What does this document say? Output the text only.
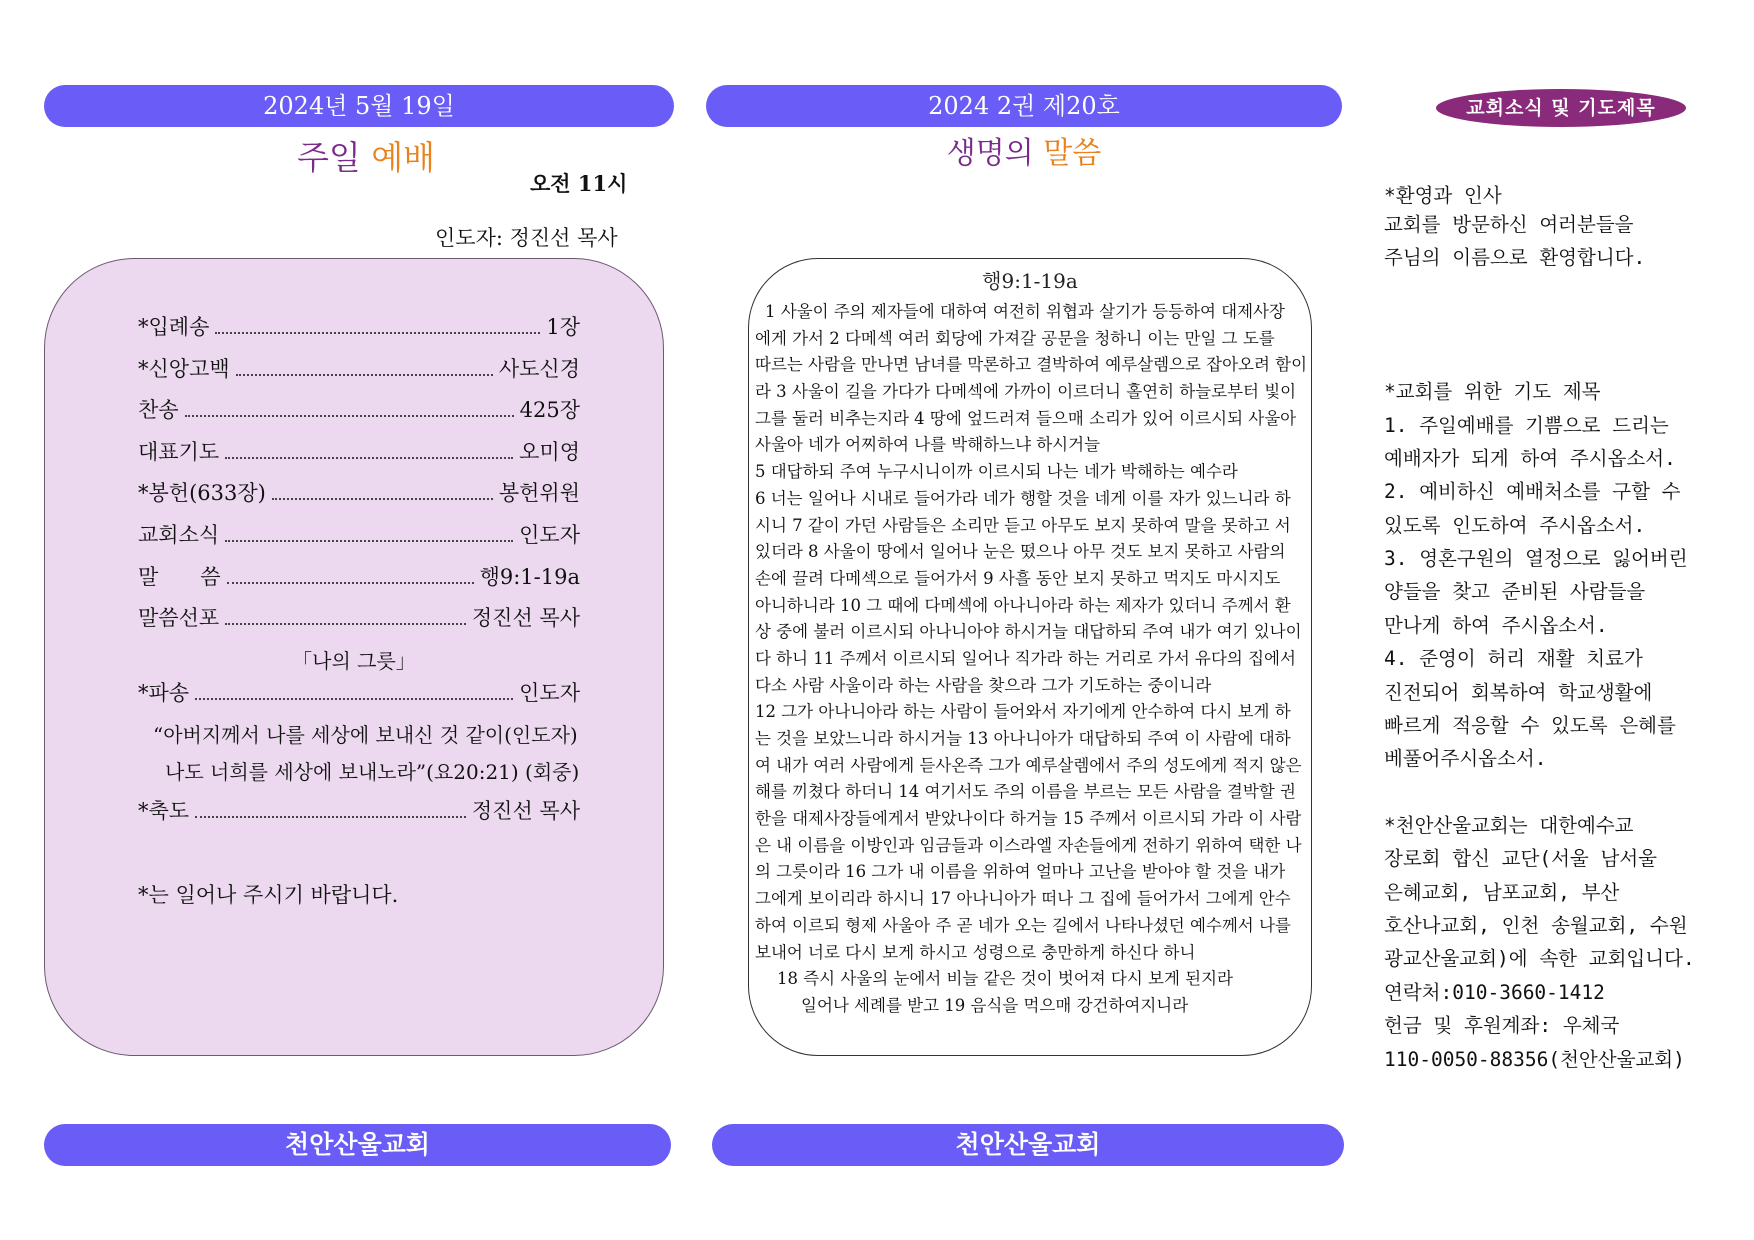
2024년 5월 19일
주일 예배
오전 11시
인도자: 정진선 목사
*입례송	1장
*신앙고백	사도신경
찬송	425장
대표기도	오미영
*봉헌(633장)	봉헌위원
교회소식	인도자
말　　씀	행9:1-19a
말씀선포	정진선 목사
「나의 그릇」
*파송	인도자
“아버지께서 나를 세상에 보내신 것 같이(인도자)
나도 너희를 세상에 보내노라”(요20:21) (회중)
*축도	정진선 목사
*는 일어나 주시기 바랍니다.
천안산울교회
2024 2권 제20호
생명의 말씀
행9:1-19a
1 사울이 주의 제자들에 대하여 여전히 위협과 살기가 등등하여 대제사장
에게 가서 2 다메섹 여러 회당에 가져갈 공문을 청하니 이는 만일 그 도를
따르는 사람을 만나면 남녀를 막론하고 결박하여 예루살렘으로 잡아오려 함이
라 3 사울이 길을 가다가 다메섹에 가까이 이르더니 홀연히 하늘로부터 빛이
그를 둘러 비추는지라 4 땅에 엎드러져 들으매 소리가 있어 이르시되 사울아
사울아 네가 어찌하여 나를 박해하느냐 하시거늘
5 대답하되 주여 누구시니이까 이르시되 나는 네가 박해하는 예수라
6 너는 일어나 시내로 들어가라 네가 행할 것을 네게 이를 자가 있느니라 하
시니 7 같이 가던 사람들은 소리만 듣고 아무도 보지 못하여 말을 못하고 서
있더라 8 사울이 땅에서 일어나 눈은 떴으나 아무 것도 보지 못하고 사람의
손에 끌려 다메섹으로 들어가서 9 사흘 동안 보지 못하고 먹지도 마시지도
아니하니라 10 그 때에 다메섹에 아나니아라 하는 제자가 있더니 주께서 환
상 중에 불러 이르시되 아나니아야 하시거늘 대답하되 주여 내가 여기 있나이
다 하니 11 주께서 이르시되 일어나 직가라 하는 거리로 가서 유다의 집에서
다소 사람 사울이라 하는 사람을 찾으라 그가 기도하는 중이니라
12 그가 아나니아라 하는 사람이 들어와서 자기에게 안수하여 다시 보게 하
는 것을 보았느니라 하시거늘 13 아나니아가 대답하되 주여 이 사람에 대하
여 내가 여러 사람에게 듣사온즉 그가 예루살렘에서 주의 성도에게 적지 않은
해를 끼쳤다 하더니 14 여기서도 주의 이름을 부르는 모든 사람을 결박할 권
한을 대제사장들에게서 받았나이다 하거늘 15 주께서 이르시되 가라 이 사람
은 내 이름을 이방인과 임금들과 이스라엘 자손들에게 전하기 위하여 택한 나
의 그릇이라 16 그가 내 이름을 위하여 얼마나 고난을 받아야 할 것을 내가
그에게 보이리라 하시니 17 아나니아가 떠나 그 집에 들어가서 그에게 안수
하여 이르되 형제 사울아 주 곧 네가 오는 길에서 나타나셨던 예수께서 나를
보내어 너로 다시 보게 하시고 성령으로 충만하게 하신다 하니
18 즉시 사울의 눈에서 비늘 같은 것이 벗어져 다시 보게 된지라
일어나 세례를 받고 19 음식을 먹으매 강건하여지니라
천안산울교회
교회소식 및 기도제목
*환영과 인사
교회를 방문하신 여러분들을
주님의 이름으로 환영합니다.
*교회를 위한 기도 제목
1. 주일예배를 기쁨으로 드리는
예배자가 되게 하여 주시옵소서.
2. 예비하신 예배처소를 구할 수
있도록 인도하여 주시옵소서.
3. 영혼구원의 열정으로 잃어버린
양들을 찾고 준비된 사람들을
만나게 하여 주시옵소서.
4. 준영이 허리 재활 치료가
진전되어 회복하여 학교생활에
빠르게 적응할 수 있도록 은혜를
베풀어주시옵소서.
*천안산울교회는 대한예수교
장로회 합신 교단(서울 남서울
은혜교회, 남포교회, 부산
호산나교회, 인천 송월교회, 수원
광교산울교회)에 속한 교회입니다.
연락처:010-3660-1412
헌금 및 후원계좌: 우체국
110-0050-88356(천안산울교회)
